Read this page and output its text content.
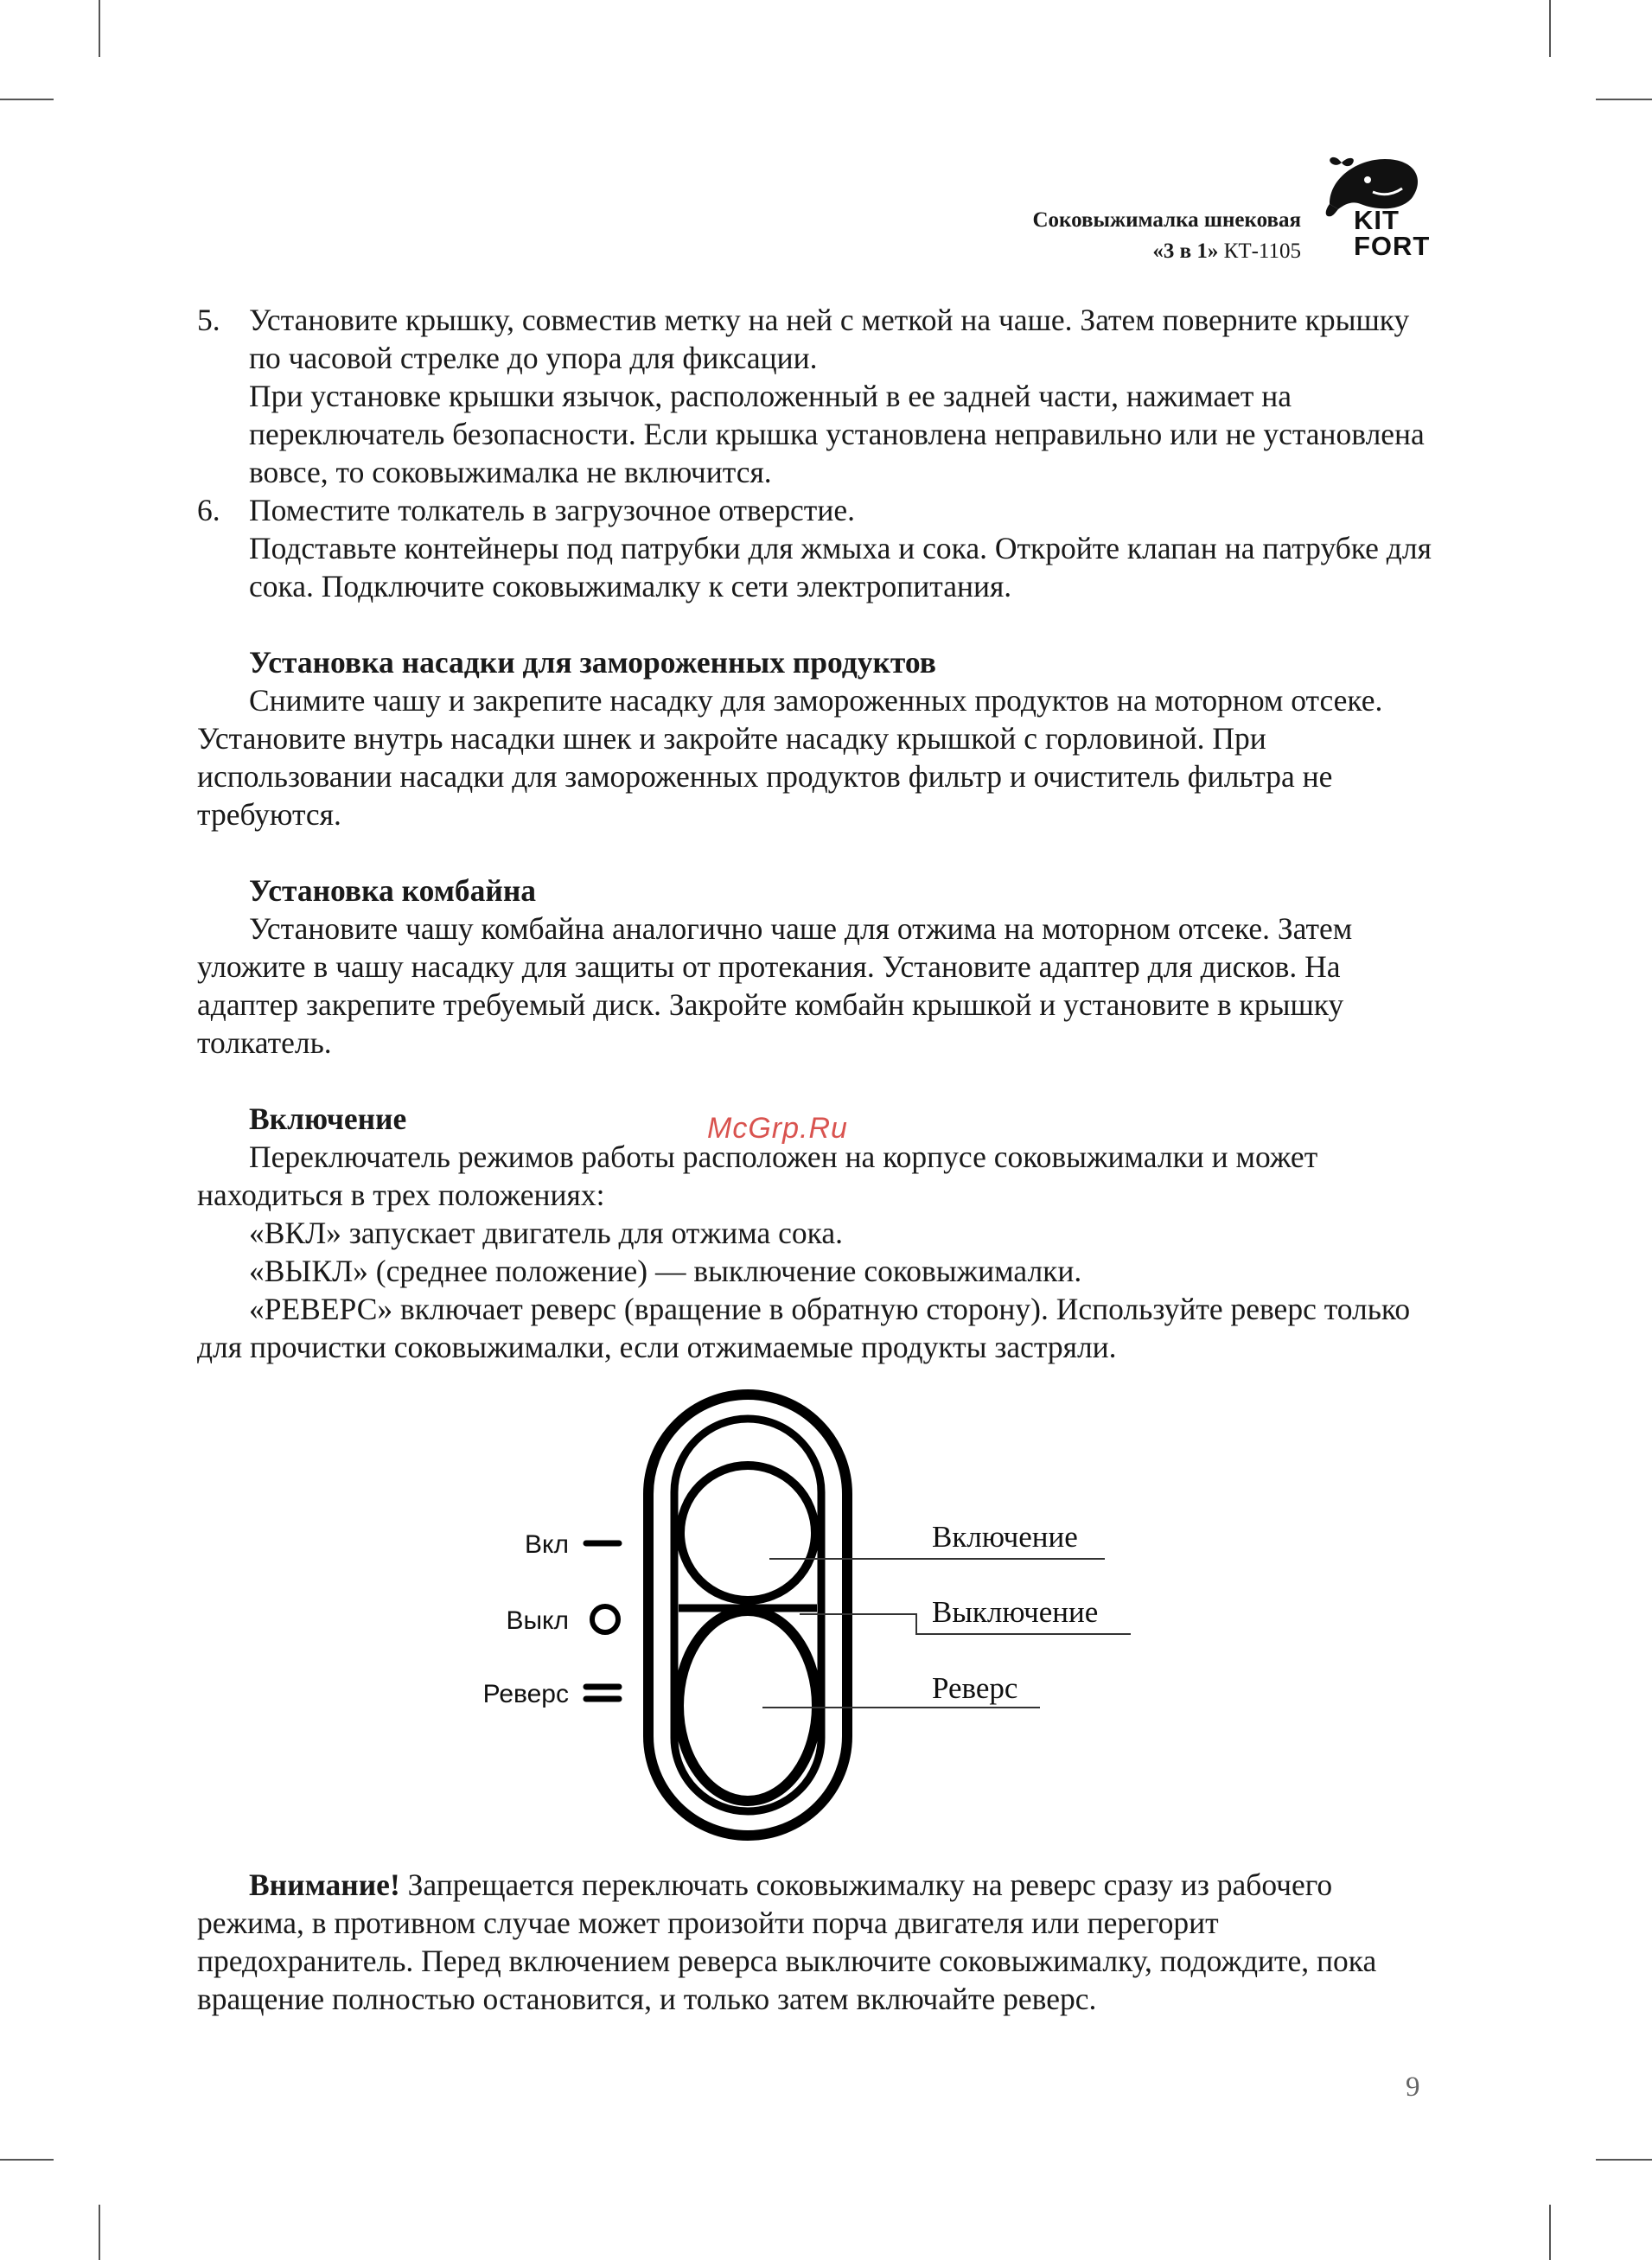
Соковыжималка шнековая
«3 в 1» КТ-1105
KIT
FORT
5. Установите крышку, совместив метку на ней с меткой на чаше. Затем поверните крышку по часовой стрелке до упора для фиксации.

При установке крышки язычок, расположенный в ее задней части, нажимает на переключатель безопасности. Если крышка установлена неправильно или не установлена вовсе, то соковыжималка не включится.

6. Поместите толкатель в загрузочное отверстие.

Подставьте контейнеры под патрубки для жмыха и сока. Откройте клапан на патрубке для сока. Подключите соковыжималку к сети электропитания.

Установка насадки для замороженных продуктов

Снимите чашу и закрепите насадку для замороженных продуктов на моторном отсеке. Установите внутрь насадки шнек и закройте насадку крышкой с горловиной. При использовании насадки для замороженных продуктов фильтр и очиститель фильтра не требуются.

Установка комбайна

Установите чашу комбайна аналогично чаше для отжима на моторном отсеке. Затем уложите в чашу насадку для защиты от протекания. Установите адаптер для дисков. На адаптер закрепите требуемый диск. Закройте комбайн крышкой и установите в крышку толкатель.

Включение

Переключатель режимов работы расположен на корпусе соковыжималки и может находиться в трех положениях:

«ВКЛ» запускает двигатель для отжима сока.

«ВЫКЛ» (среднее положение) — выключение соковыжималки.

«РЕВЕРС» включает реверс (вращение в обратную сторону). Используйте реверс только для прочистки соковыжималки, если отжимаемые продукты застряли.

McGrp.Ru
Вкл
Выкл
Реверс
Включение
Выключение
Реверс

Внимание! Запрещается переключать соковыжималку на реверс сразу из рабочего режима, в противном случае может произойти порча двигателя или перегорит предохранитель. Перед включением реверса выключите соковыжималку, подождите, пока вращение полностью остановится, и только затем включайте реверс.

9
